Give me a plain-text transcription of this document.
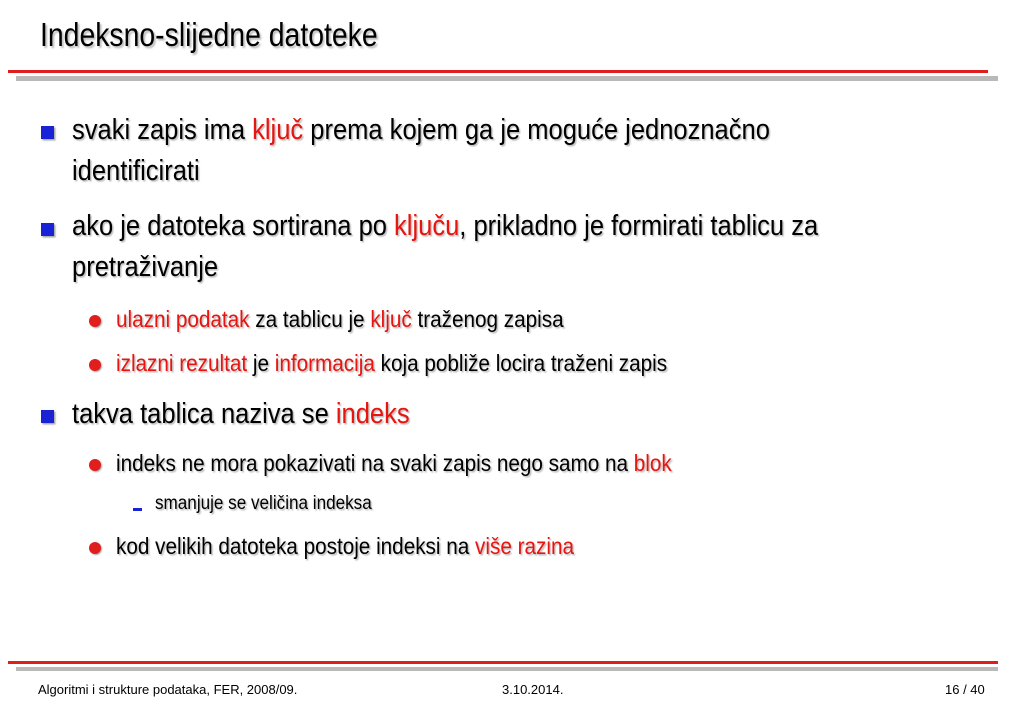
Indeksno-slijedne datoteke
svaki zapis ima ključ prema kojem ga je moguće jednoznačno
identificirati
ako je datoteka sortirana po ključu, prikladno je formirati tablicu za
pretraživanje
ulazni podatak za tablicu je ključ traženog zapisa
izlazni rezultat je informacija koja pobliže locira traženi zapis
takva tablica naziva se indeks
indeks ne mora pokazivati na svaki zapis nego samo na blok
smanjuje se veličina indeksa
kod velikih datoteka postoje indeksi na više razina
Algoritmi i strukture podataka, FER, 2008/09.	3.10.2014.	16 / 40
